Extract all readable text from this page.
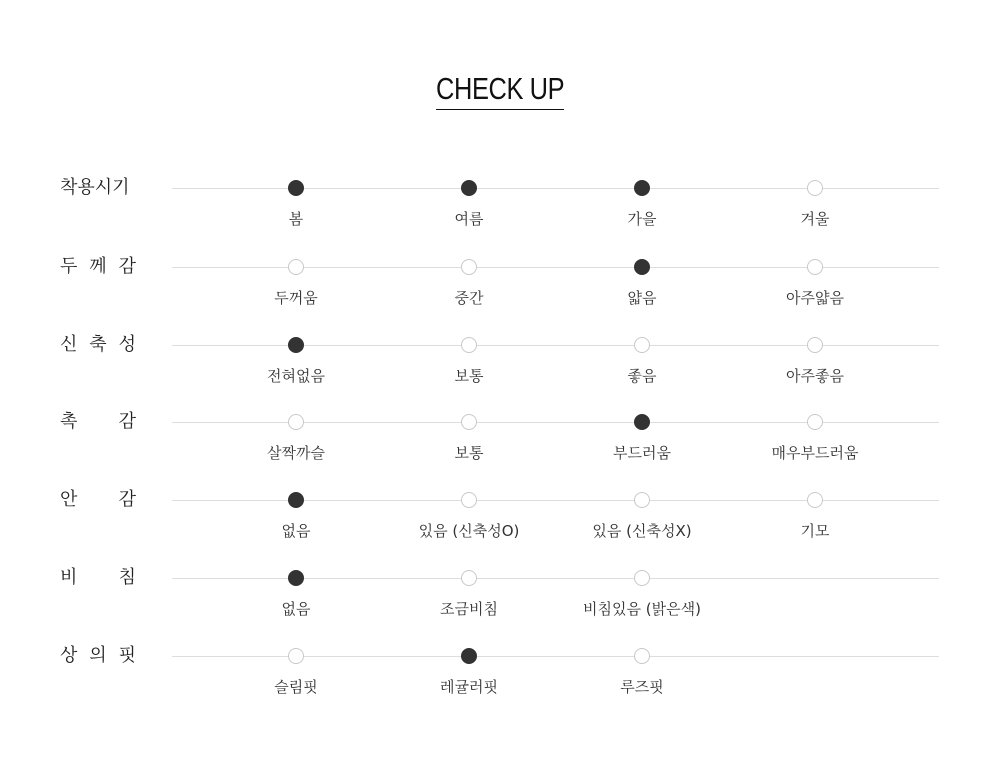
CHECK UP
착용시기
봄	여름	가을	겨울
두 께 감
두꺼움	중간	얇음	아주얇음
신 축 성
전혀없음	보통	좋음	아주좋음
촉 감
살짝까슬	보통	부드러움	매우부드러움
안 감
없음	있음 (신축성O)	있음 (신축성X)	기모
비 침
없음	조금비침	비침있음 (밝은색)
상 의 핏
슬림핏	레귤러핏	루즈핏
